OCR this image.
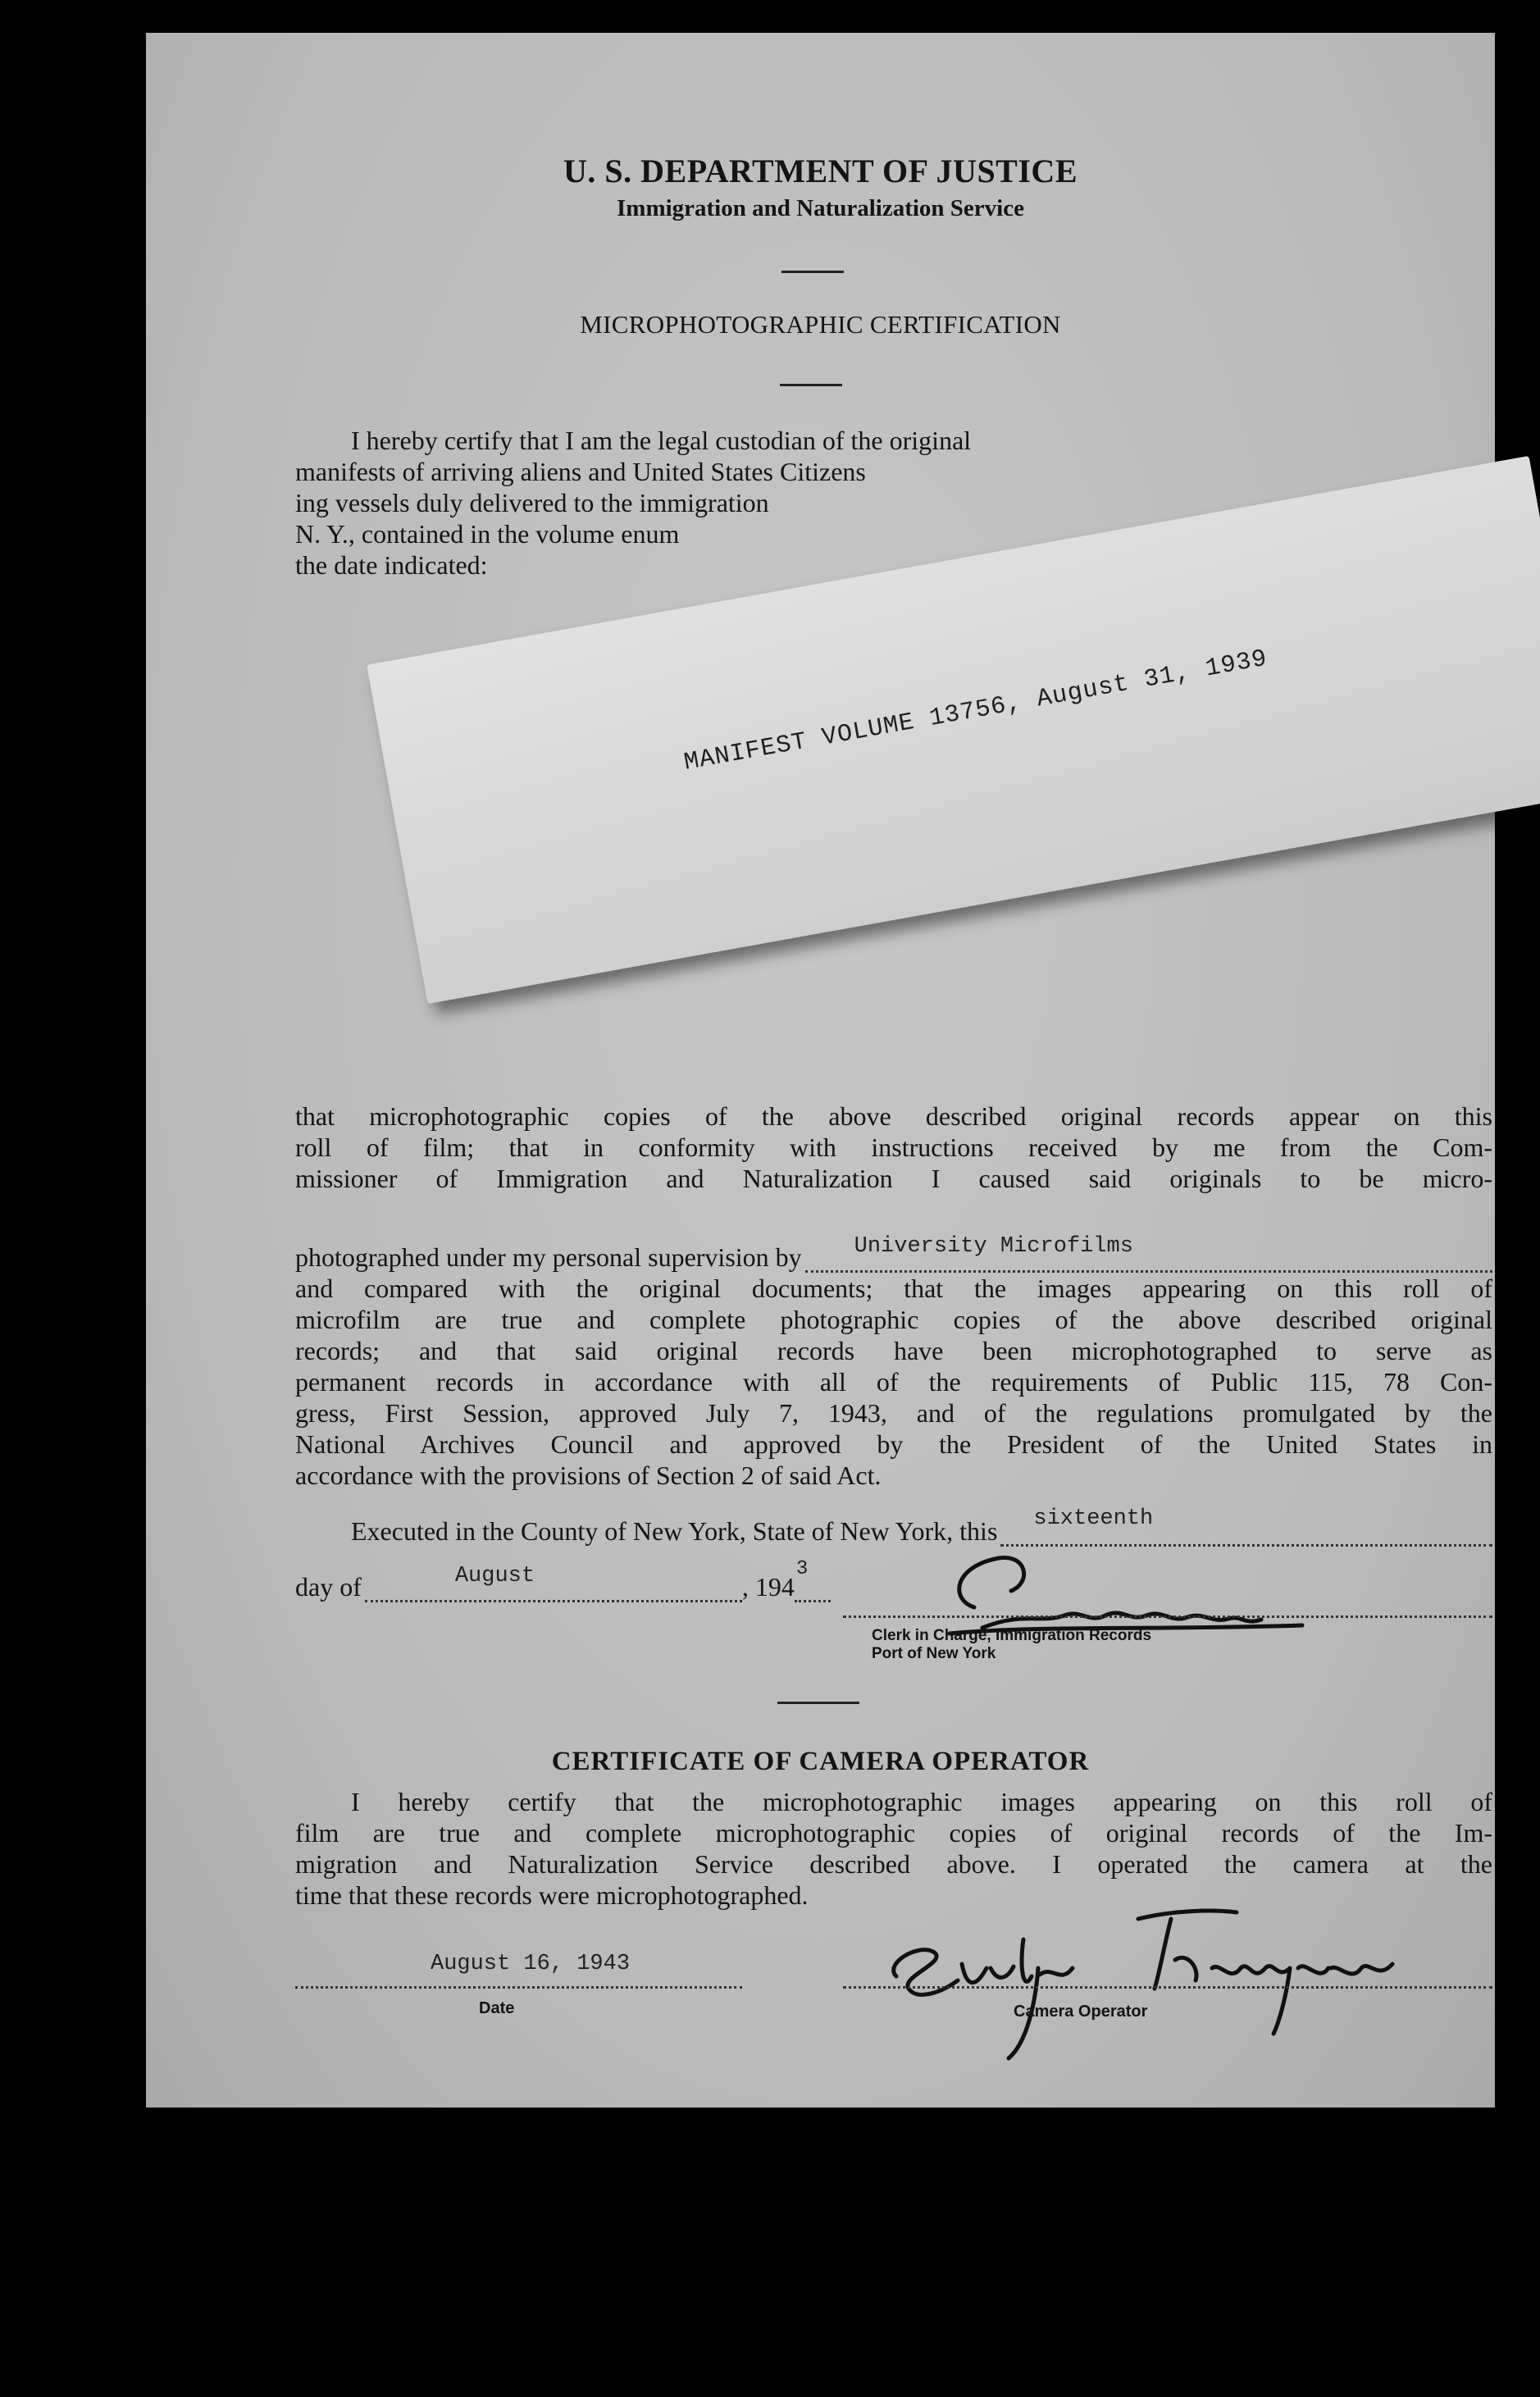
U. S. DEPARTMENT OF JUSTICE
Immigration and Naturalization Service
MICROPHOTOGRAPHIC CERTIFICATION
I hereby certify that I am the legal custodian of the original
manifests of arriving aliens and United States Citizens
ing vessels duly delivered to the immigration
N. Y., contained in the volume enum
the date indicated:
MANIFEST VOLUME 13756, August 31, 1939
that microphotographic copies of the above described original records appear on this
roll of film; that in conformity with instructions received by me from the Com-
missioner of Immigration and Naturalization I caused said originals to be micro-
photographed under my personal supervision by University Microfilms
and compared with the original documents; that the images appearing on this roll of
microfilm are true and complete photographic copies of the above described original
records; and that said original records have been microphotographed to serve as
permanent records in accordance with all of the requirements of Public 115, 78 Con-
gress, First Session, approved July 7, 1943, and of the regulations promulgated by the
National Archives Council and approved by the President of the United States in
accordance with the provisions of Section 2 of said Act.
Executed in the County of New York, State of New York, this sixteenth
day of	August	, 194
3
Clerk in Charge, Immigration Records
Port of New York
CERTIFICATE OF CAMERA OPERATOR
I hereby certify that the microphotographic images appearing on this roll of
film are true and complete microphotographic copies of original records of the Im-
migration and Naturalization Service described above. I operated the camera at the
time that these records were microphotographed.
August 16, 1943
Date	Camera Operator
